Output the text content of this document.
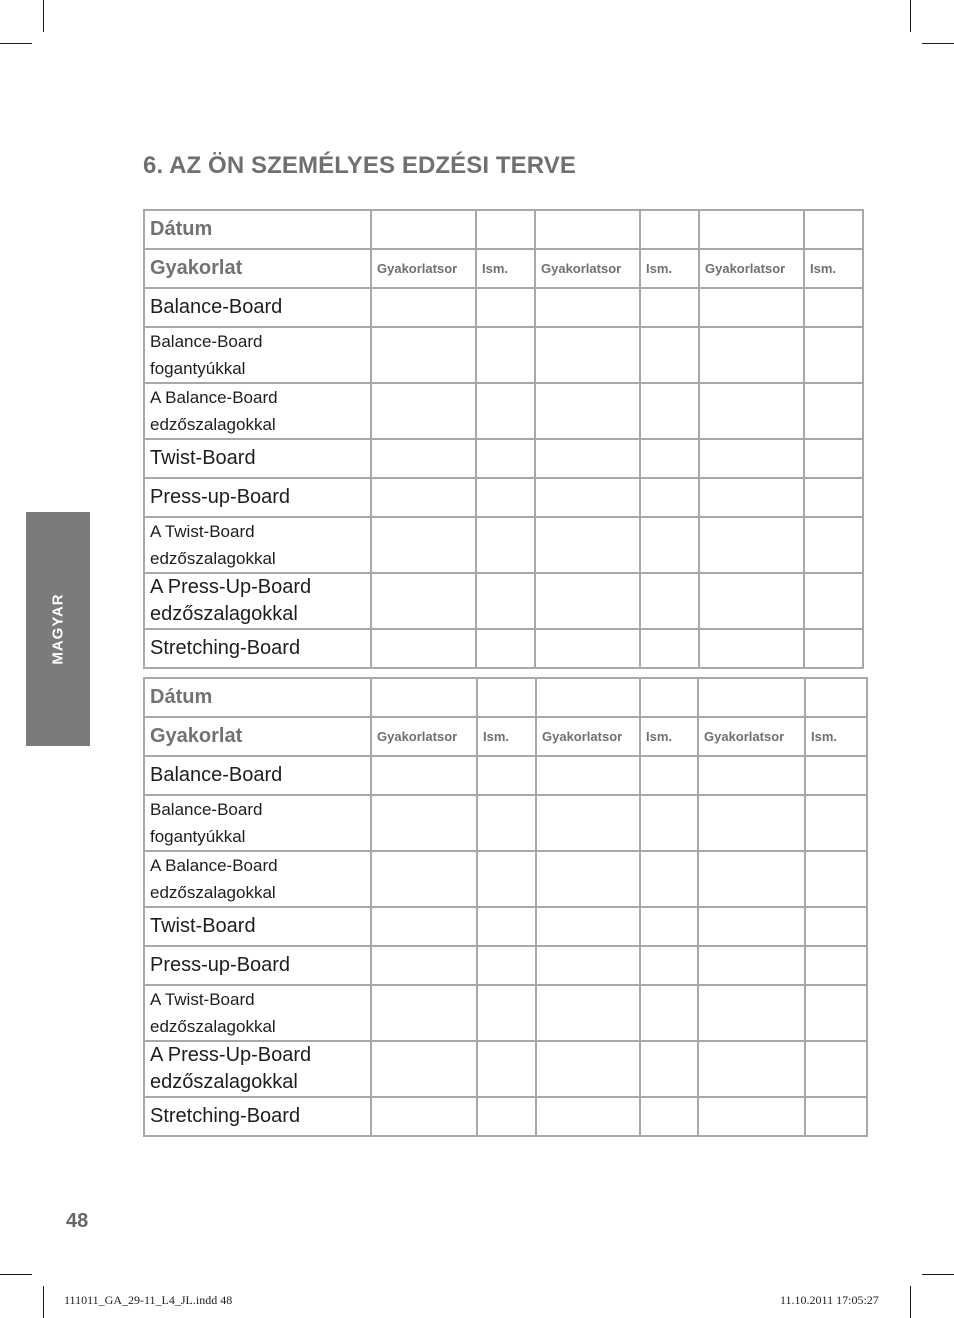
6. AZ ÖN SZEMÉLYES EDZÉSI TERVE
MAGYAR
Dátum						
Gyakorlat	Gyakorlatsor	Ism.	Gyakorlatsor	Ism.	Gyakorlatsor	Ism.
Balance-Board						
Balance-Board
fogantyúkkal						
A Balance-Board
edzőszalagokkal						
Twist-Board						
Press-up-Board						
A Twist-Board
edzőszalagokkal						
A Press-Up-Board
edzőszalagokkal						
Stretching-Board						
Dátum						
Gyakorlat	Gyakorlatsor	Ism.	Gyakorlatsor	Ism.	Gyakorlatsor	Ism.
Balance-Board						
Balance-Board
fogantyúkkal						
A Balance-Board
edzőszalagokkal						
Twist-Board						
Press-up-Board						
A Twist-Board
edzőszalagokkal						
A Press-Up-Board
edzőszalagokkal						
Stretching-Board						
48
111011_GA_29-11_L4_JL.indd 48	11.10.2011 17:05:27
